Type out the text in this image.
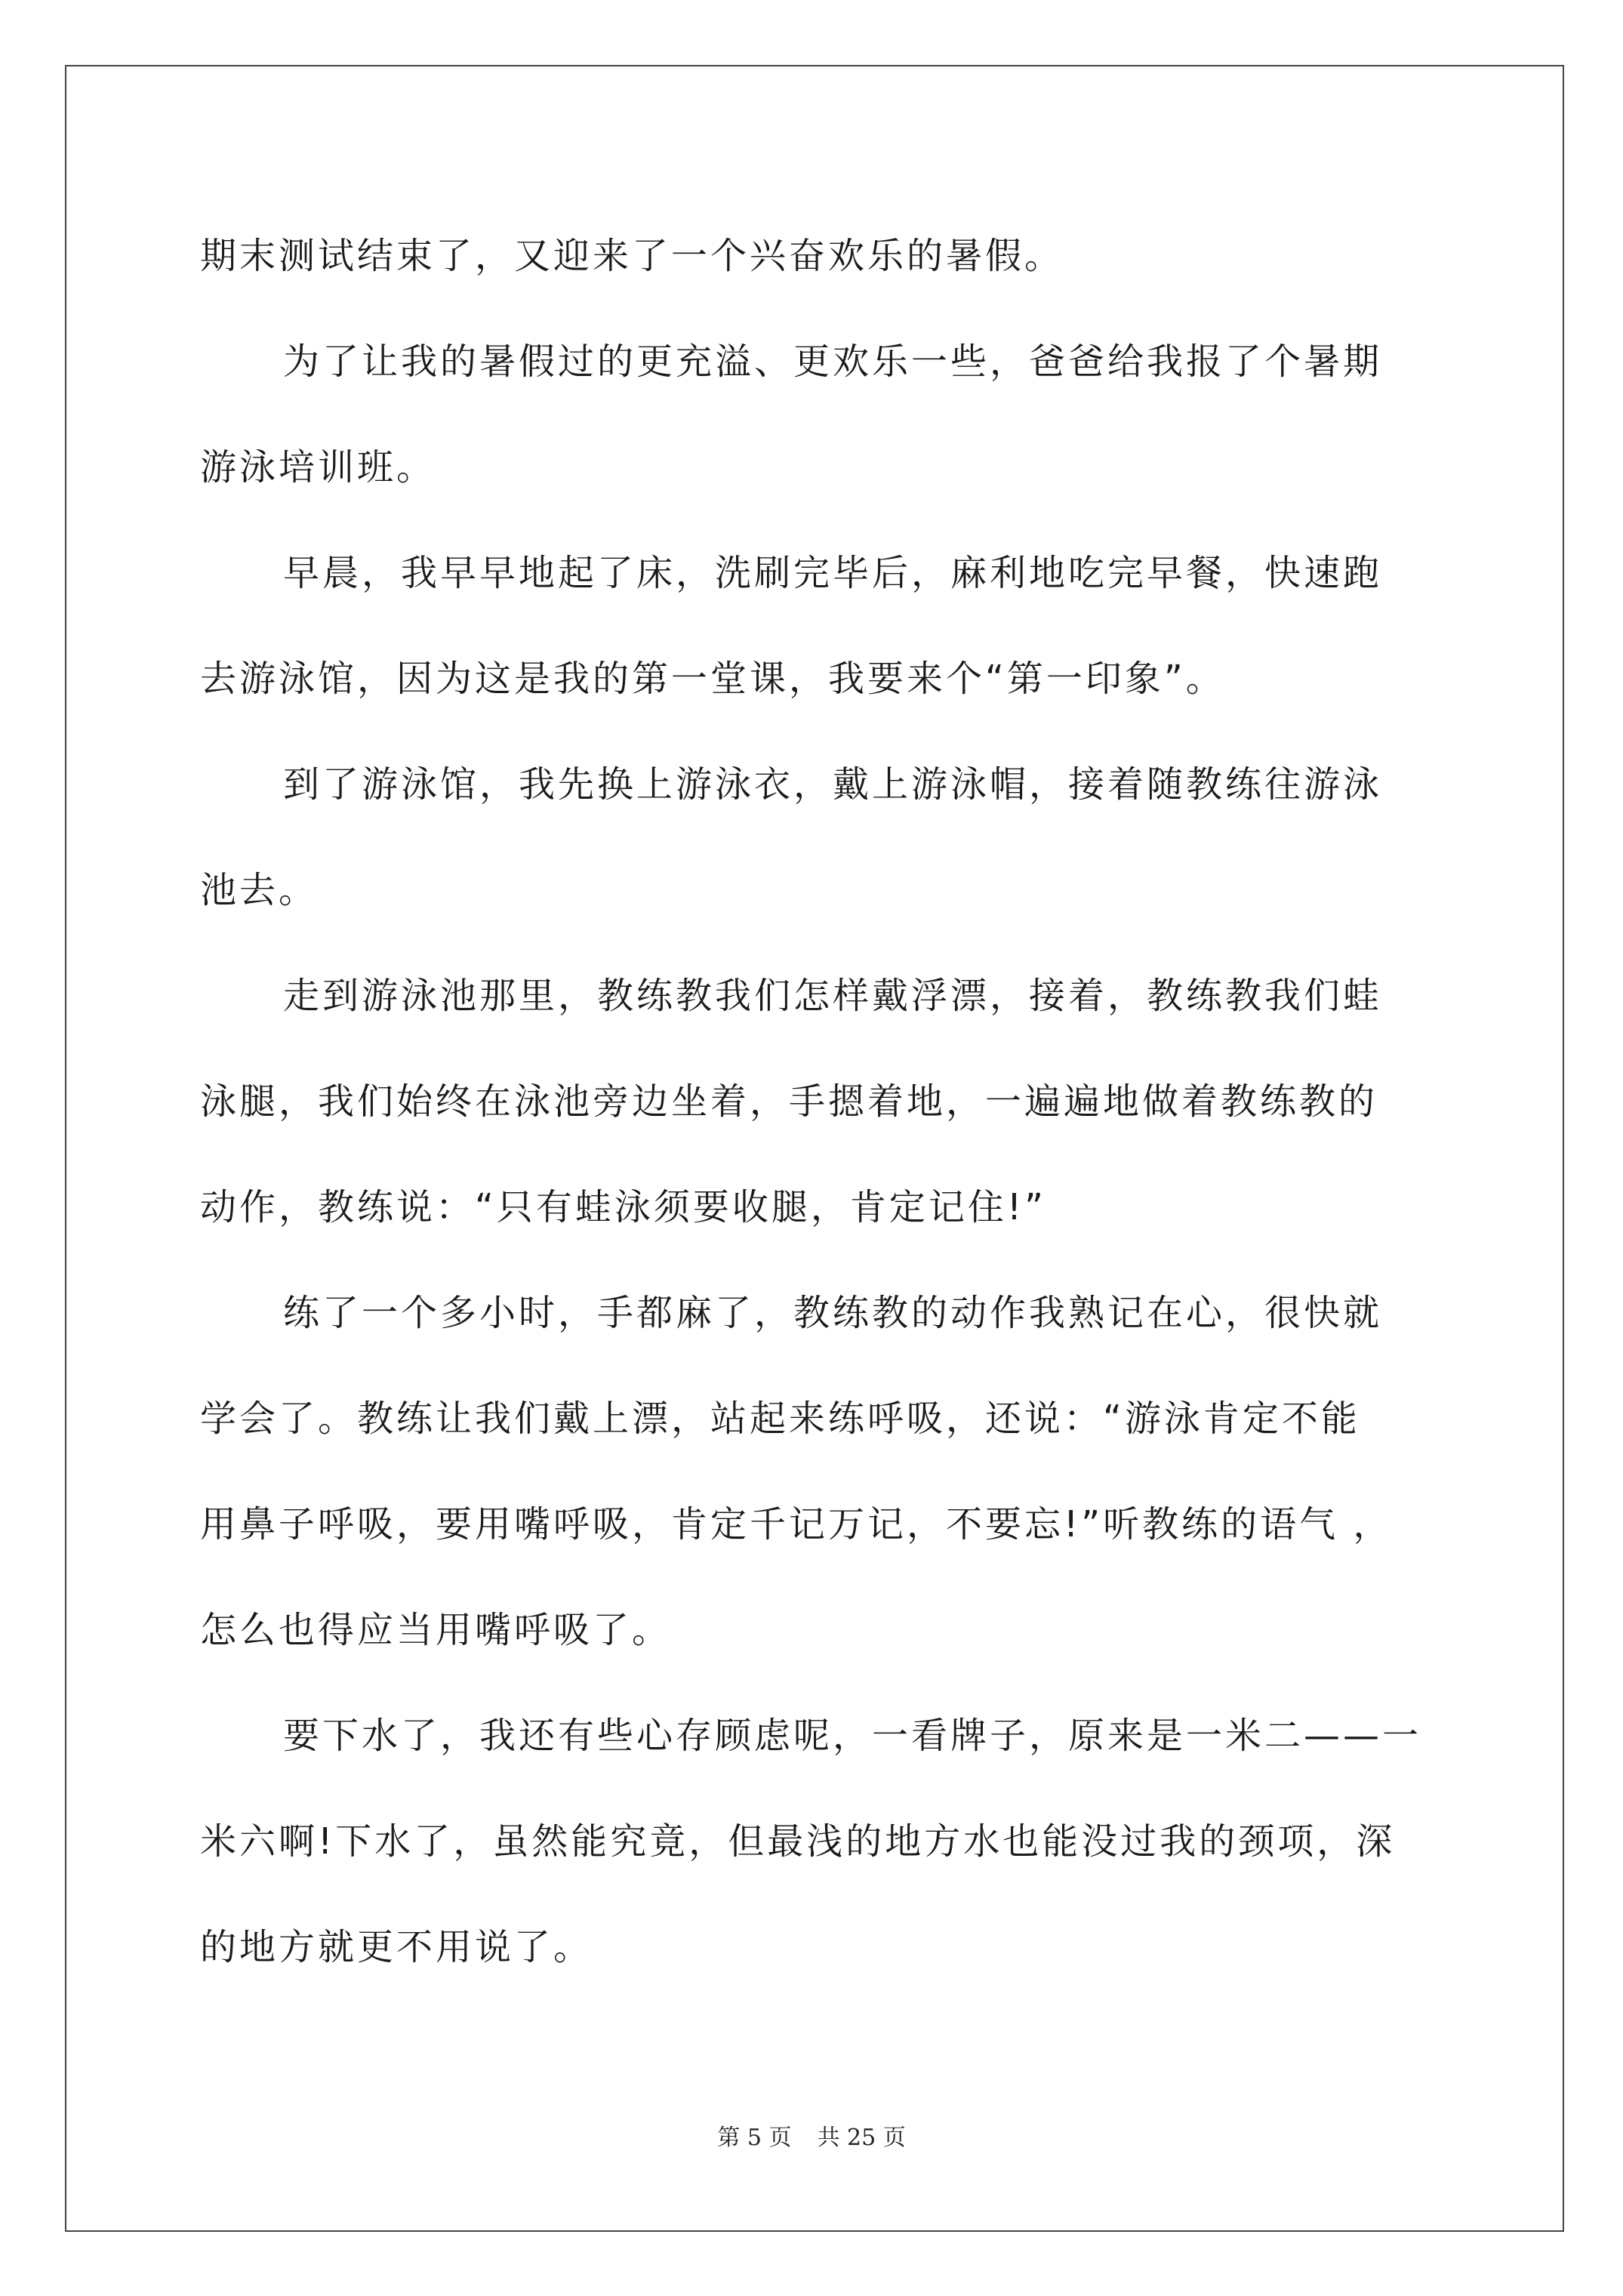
期末测试结束了，又迎来了一个兴奋欢乐的暑假。
为了让我的暑假过的更充溢、更欢乐一些，爸爸给我报了个暑期
游泳培训班。
早晨，我早早地起了床，洗刷完毕后，麻利地吃完早餐，快速跑
去游泳馆，因为这是我的第一堂课，我要来个“第一印象”。
到了游泳馆，我先换上游泳衣，戴上游泳帽，接着随教练往游泳
池去。
走到游泳池那里，教练教我们怎样戴浮漂，接着，教练教我们蛙
泳腿，我们始终在泳池旁边坐着，手摁着地，一遍遍地做着教练教的
动作，教练说：“只有蛙泳须要收腿，肯定记住!”
练了一个多小时，手都麻了，教练教的动作我熟记在心，很快就
学会了。教练让我们戴上漂，站起来练呼吸，还说：“游泳肯定不能
用鼻子呼吸，要用嘴呼吸，肯定千记万记，不要忘!”听教练的语气 ，
怎么也得应当用嘴呼吸了。
要下水了，我还有些心存顾虑呢，一看牌子，原来是一米二——一
米六啊!下水了，虽然能究竟，但最浅的地方水也能没过我的颈项，深
的地方就更不用说了。
第 5 页 共 25 页
